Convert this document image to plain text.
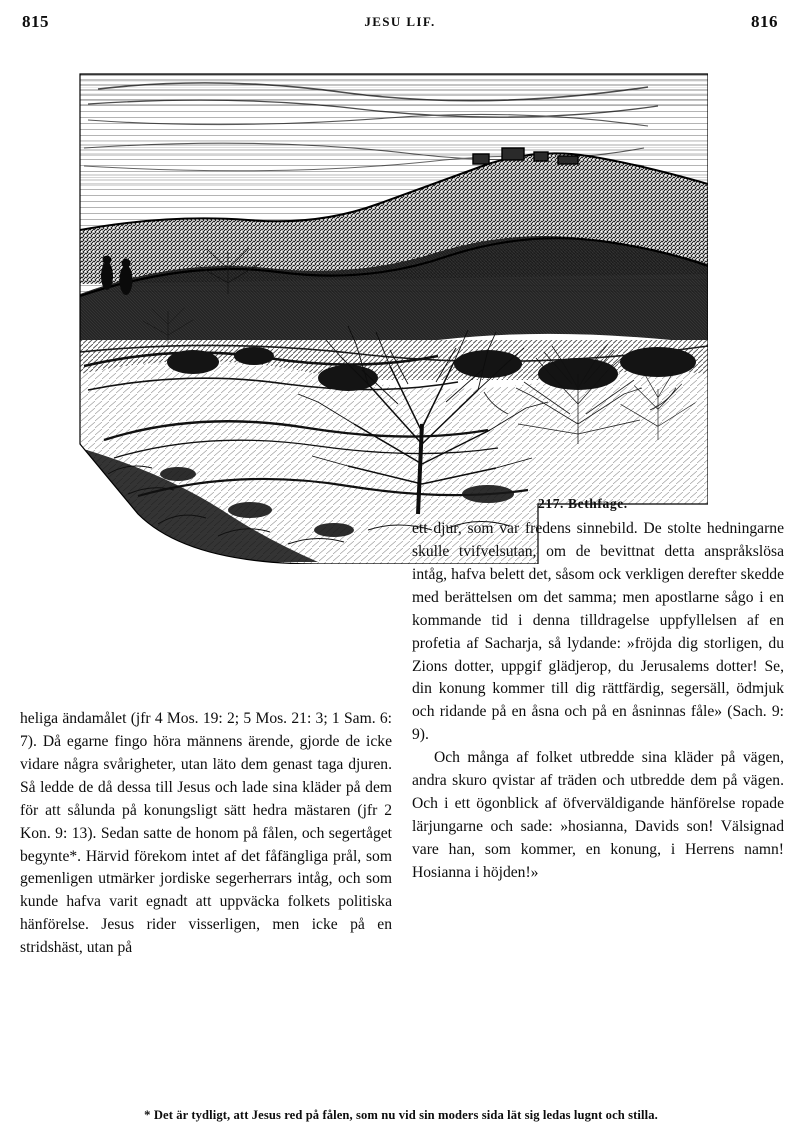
815	JESU LIF.	816
217. Bethfage.

heliga ändamålet (jfr 4 Mos. 19: 2; 5 Mos. 21: 3; 1 Sam. 6: 7). Då egarne fingo höra männens ärende, gjorde de icke vidare några svårigheter, utan läto dem genast taga djuren. Så ledde de då dessa till Jesus och lade sina kläder på dem för att sålunda på konungsligt sätt hedra mästaren (jfr 2 Kon. 9: 13). Sedan satte de honom på fålen, och segertåget begynte*. Härvid förekom intet af det fåfängliga prål, som gemenligen utmärker jordiske segerherrars intåg, och som kunde hafva varit egnadt att uppväcka folkets politiska hänförelse. Jesus rider visserligen, men icke på en stridshäst, utan på

ett djur, som var fredens sinnebild. De stolte hedningarne skulle tvifvelsutan, om de bevittnat detta anspråkslösa intåg, hafva belett det, såsom ock verkligen derefter skedde med berättelsen om det samma; men apostlarne sågo i en kommande tid i denna tilldragelse uppfyllelsen af en profetia af Sacharja, så lydande: »fröjda dig storligen, du Zions dotter, uppgif glädjerop, du Jerusalems dotter! Se, din konung kommer till dig rättfärdig, segersäll, ödmjuk och ridande på en åsna och på en åsninnas fåle» (Sach. 9: 9).

Och många af folket utbredde sina kläder på vägen, andra skuro qvistar af träden och utbredde dem på vägen. Och i ett ögonblick af öfverväldigande hänförelse ropade lärjungarne och sade: »hosianna, Davids son! Välsignad vare han, som kommer, en konung, i Herrens namn! Hosianna i höjden!»

* Det är tydligt, att Jesus red på fålen, som nu vid sin moders sida lät sig ledas lugnt och stilla.
